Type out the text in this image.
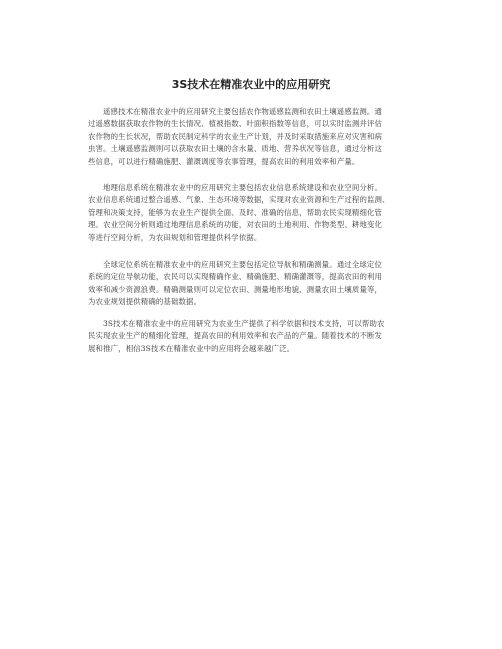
3S技术在精准农业中的应用研究
遥感技术在精准农业中的应用研究主要包括农作物遥感监测和农田土壤遥感监测。通
过遥感数据获取农作物的生长情况、植被指数、叶面积指数等信息，可以实时监测并评估
农作物的生长状况，帮助农民制定科学的农业生产计划，并及时采取措施来应对灾害和病
虫害。土壤遥感监测则可以获取农田土壤的含水量、质地、营养状况等信息，通过分析这
些信息，可以进行精确施肥、灌溉调度等农事管理，提高农田的利用效率和产量。
地理信息系统在精准农业中的应用研究主要包括农业信息系统建设和农业空间分析。
农业信息系统通过整合遥感、气象、生态环境等数据，实现对农业资源和生产过程的监测、
管理和决策支持，能够为农业生产提供全面、及时、准确的信息，帮助农民实现精细化管
理。农业空间分析则通过地理信息系统的功能，对农田的土地利用、作物类型、耕地变化
等进行空间分析，为农田规划和管理提供科学依据。
全球定位系统在精准农业中的应用研究主要包括定位导航和精确测量。通过全球定位
系统的定位导航功能，农民可以实现精确作业、精确施肥、精确灌溉等，提高农田的利用
效率和减少资源浪费。精确测量则可以定位农田、测量地形地貌、测量农田土壤质量等，
为农业规划提供精确的基础数据。
3S技术在精准农业中的应用研究为农业生产提供了科学依据和技术支持，可以帮助农
民实现农业生产的精细化管理，提高农田的利用效率和农产品的产量。随着技术的不断发
展和推广，相信3S技术在精准农业中的应用将会越来越广泛。
